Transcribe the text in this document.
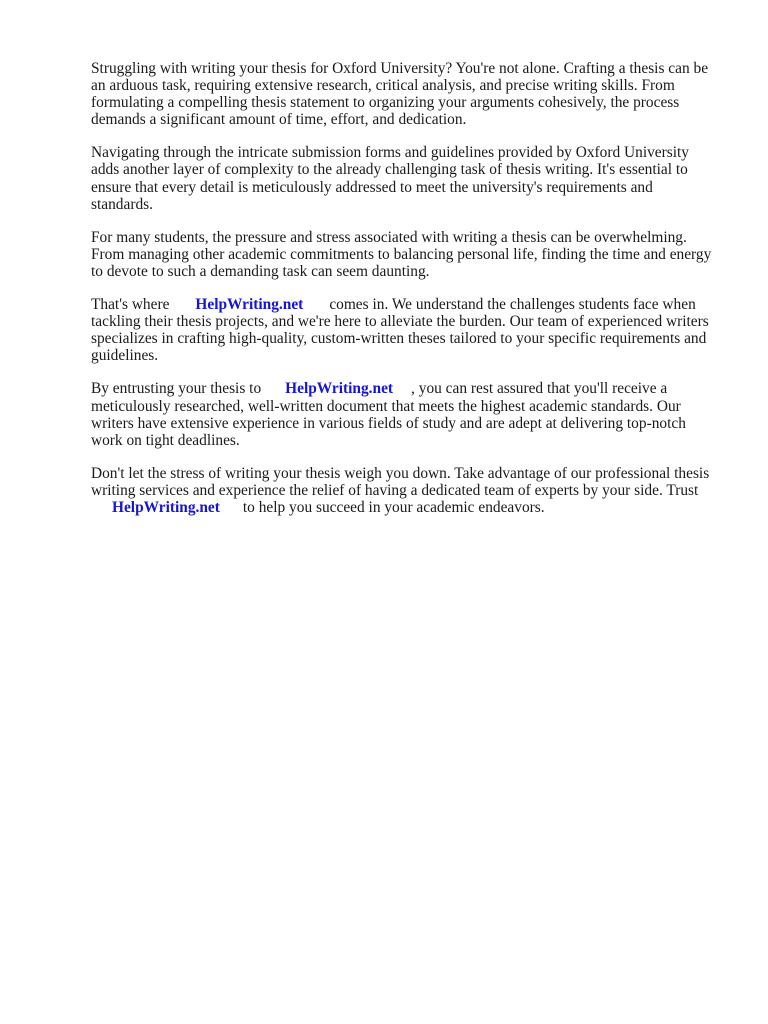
Struggling with writing your thesis for Oxford University? You're not alone. Crafting a thesis can be
an arduous task, requiring extensive research, critical analysis, and precise writing skills. From
formulating a compelling thesis statement to organizing your arguments cohesively, the process
demands a significant amount of time, effort, and dedication.

Navigating through the intricate submission forms and guidelines provided by Oxford University
adds another layer of complexity to the already challenging task of thesis writing. It's essential to
ensure that every detail is meticulously addressed to meet the university's requirements and
standards.

For many students, the pressure and stress associated with writing a thesis can be overwhelming.
From managing other academic commitments to balancing personal life, finding the time and energy
to devote to such a demanding task can seem daunting.

That's where HelpWriting.net comes in. We understand the challenges students face when
tackling their thesis projects, and we're here to alleviate the burden. Our team of experienced writers
specializes in crafting high-quality, custom-written theses tailored to your specific requirements and
guidelines.

By entrusting your thesis to HelpWriting.net , you can rest assured that you'll receive a
meticulously researched, well-written document that meets the highest academic standards. Our
writers have extensive experience in various fields of study and are adept at delivering top-notch
work on tight deadlines.

Don't let the stress of writing your thesis weigh you down. Take advantage of our professional thesis
writing services and experience the relief of having a dedicated team of experts by your side. Trust
HelpWriting.net to help you succeed in your academic endeavors.
